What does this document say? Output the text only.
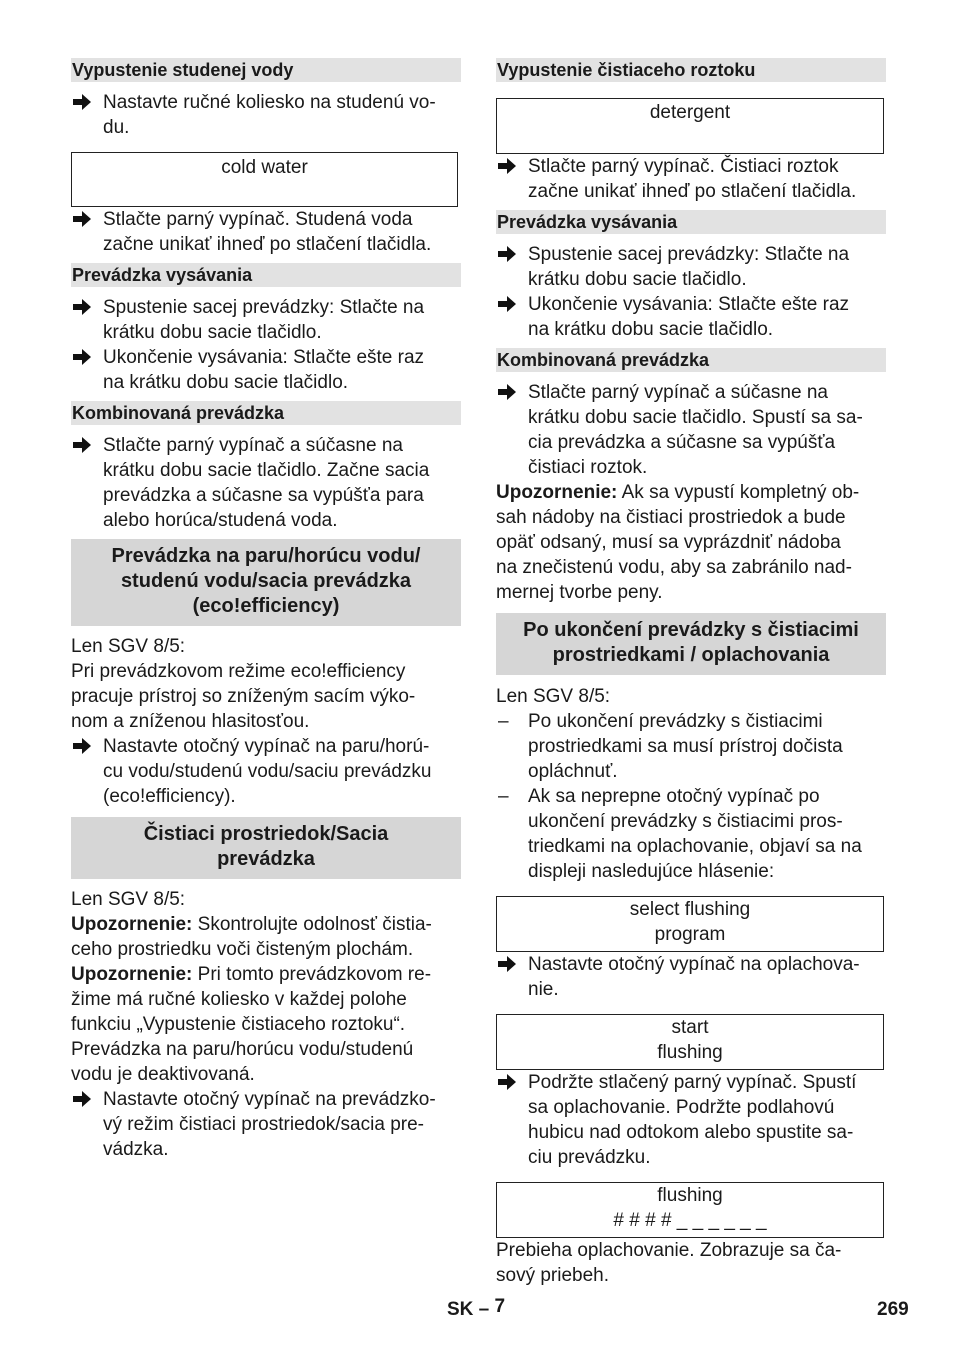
Vypustenie studenej vody
Nastavte ručné koliesko na studenú vo-
du.
cold water
Stlačte parný vypínač. Studená voda
začne unikať ihneď po stlačení tlačidla.
Prevádzka vysávania
Spustenie sacej prevádzky: Stlačte na
krátku dobu sacie tlačidlo.
Ukončenie vysávania: Stlačte ešte raz
na krátku dobu sacie tlačidlo.
Kombinovaná prevádzka
Stlačte parný vypínač a súčasne na
krátku dobu sacie tlačidlo. Začne sacia
prevádzka a súčasne sa vypúšťa para
alebo horúca/studená voda.
Prevádzka na paru/horúcu vodu/
studenú vodu/sacia prevádzka
(eco!efficiency)
Len SGV 8/5:
Pri prevádzkovom režime eco!efficiency
pracuje prístroj so zníženým sacím výko-
nom a zníženou hlasitosťou.
Nastavte otočný vypínač na paru/horú-
cu vodu/studenú vodu/saciu prevádzku
(eco!efficiency).
Čistiaci prostriedok/Sacia
prevádzka
Len SGV 8/5:
Upozornenie: Skontrolujte odolnosť čistia-
ceho prostriedku voči čisteným plochám.
Upozornenie: Pri tomto prevádzkovom re-
žime má ručné koliesko v každej polohe
funkciu „Vypustenie čistiaceho roztoku“.
Prevádzka na paru/horúcu vodu/studenú
vodu je deaktivovaná.
Nastavte otočný vypínač na prevádzko-
vý režim čistiaci prostriedok/sacia pre-
vádzka.
Vypustenie čistiaceho roztoku
detergent
Stlačte parný vypínač. Čistiaci roztok
začne unikať ihneď po stlačení tlačidla.
Prevádzka vysávania
Spustenie sacej prevádzky: Stlačte na
krátku dobu sacie tlačidlo.
Ukončenie vysávania: Stlačte ešte raz
na krátku dobu sacie tlačidlo.
Kombinovaná prevádzka
Stlačte parný vypínač a súčasne na
krátku dobu sacie tlačidlo. Spustí sa sa-
cia prevádzka a súčasne sa vypúšťa
čistiaci roztok.
Upozornenie: Ak sa vypustí kompletný ob-
sah nádoby na čistiaci prostriedok a bude
opäť odsaný, musí sa vyprázdniť nádoba
na znečistenú vodu, aby sa zabránilo nad-
mernej tvorbe peny.
Po ukončení prevádzky s čistiacimi
prostriedkami / oplachovania
Len SGV 8/5:
– Po ukončení prevádzky s čistiacimi
prostriedkami sa musí prístroj dočista
opláchnuť.
– Ak sa neprepne otočný vypínač po
ukončení prevádzky s čistiacimi pros-
triedkami na oplachovanie, objaví sa na
displeji nasledujúce hlásenie:
select flushing
program
Nastavte otočný vypínač na oplachova-
nie.
start
flushing
Podržte stlačený parný vypínač. Spustí
sa oplachovanie. Podržte podlahovú
hubicu nad odtokom alebo spustite sa-
ciu prevádzku.
flushing
# # # # _ _ _ _ _ _
Prebieha oplachovanie. Zobrazuje sa ča-
sový priebeh.
SK – 7	269
